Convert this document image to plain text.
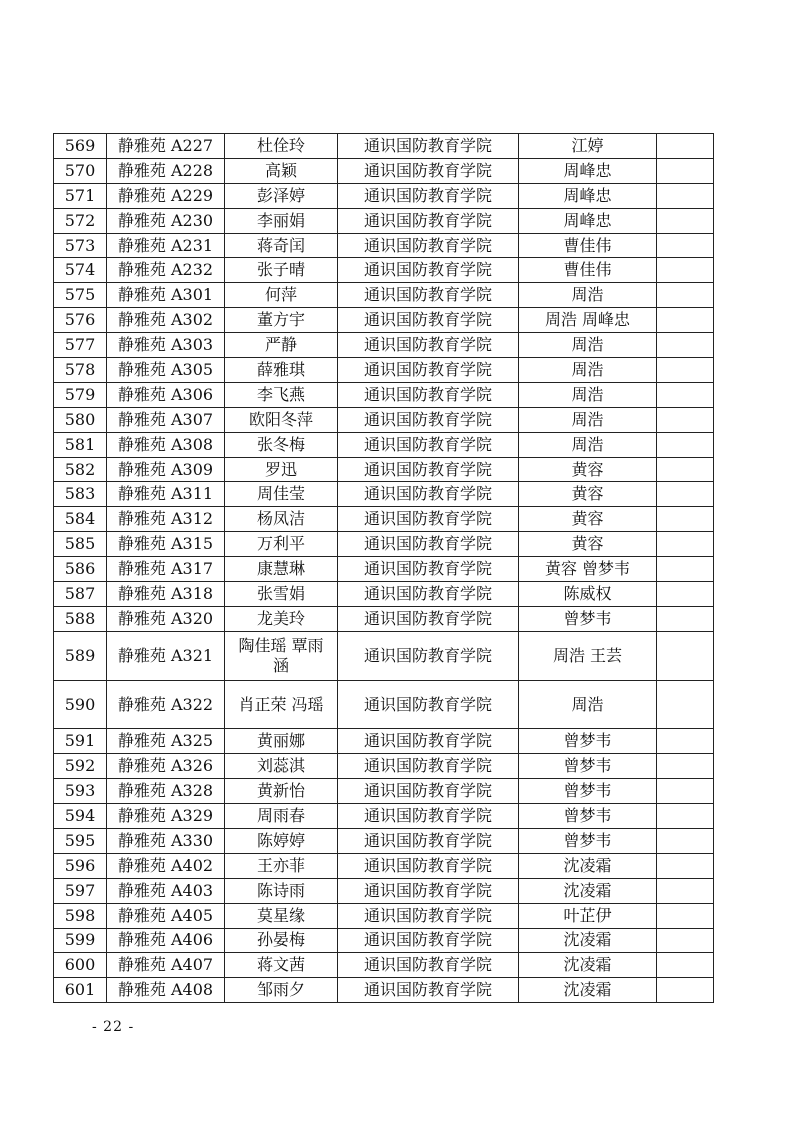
569	静雅苑 A227	杜佺玲	通识国防教育学院	江婷	
570	静雅苑 A228	高颖	通识国防教育学院	周峰忠	
571	静雅苑 A229	彭泽婷	通识国防教育学院	周峰忠	
572	静雅苑 A230	李丽娟	通识国防教育学院	周峰忠	
573	静雅苑 A231	蒋奇闰	通识国防教育学院	曹佳伟	
574	静雅苑 A232	张子晴	通识国防教育学院	曹佳伟	
575	静雅苑 A301	何萍	通识国防教育学院	周浩	
576	静雅苑 A302	董方宇	通识国防教育学院	周浩 周峰忠	
577	静雅苑 A303	严静	通识国防教育学院	周浩	
578	静雅苑 A305	薛雅琪	通识国防教育学院	周浩	
579	静雅苑 A306	李飞燕	通识国防教育学院	周浩	
580	静雅苑 A307	欧阳冬萍	通识国防教育学院	周浩	
581	静雅苑 A308	张冬梅	通识国防教育学院	周浩	
582	静雅苑 A309	罗迅	通识国防教育学院	黄容	
583	静雅苑 A311	周佳莹	通识国防教育学院	黄容	
584	静雅苑 A312	杨凤洁	通识国防教育学院	黄容	
585	静雅苑 A315	万利平	通识国防教育学院	黄容	
586	静雅苑 A317	康慧琳	通识国防教育学院	黄容 曾梦韦	
587	静雅苑 A318	张雪娟	通识国防教育学院	陈威权	
588	静雅苑 A320	龙美玲	通识国防教育学院	曾梦韦	
589	静雅苑 A321	陶佳瑶 覃雨涵	通识国防教育学院	周浩 王芸	
590	静雅苑 A322	肖正荣 冯瑶	通识国防教育学院	周浩	
591	静雅苑 A325	黄丽娜	通识国防教育学院	曾梦韦	
592	静雅苑 A326	刘蕊淇	通识国防教育学院	曾梦韦	
593	静雅苑 A328	黄新怡	通识国防教育学院	曾梦韦	
594	静雅苑 A329	周雨春	通识国防教育学院	曾梦韦	
595	静雅苑 A330	陈婷婷	通识国防教育学院	曾梦韦	
596	静雅苑 A402	王亦菲	通识国防教育学院	沈凌霜	
597	静雅苑 A403	陈诗雨	通识国防教育学院	沈凌霜	
598	静雅苑 A405	莫星缘	通识国防教育学院	叶芷伊	
599	静雅苑 A406	孙晏梅	通识国防教育学院	沈凌霜	
600	静雅苑 A407	蒋文茜	通识国防教育学院	沈凌霜	
601	静雅苑 A408	邹雨夕	通识国防教育学院	沈凌霜	
- 22 -
